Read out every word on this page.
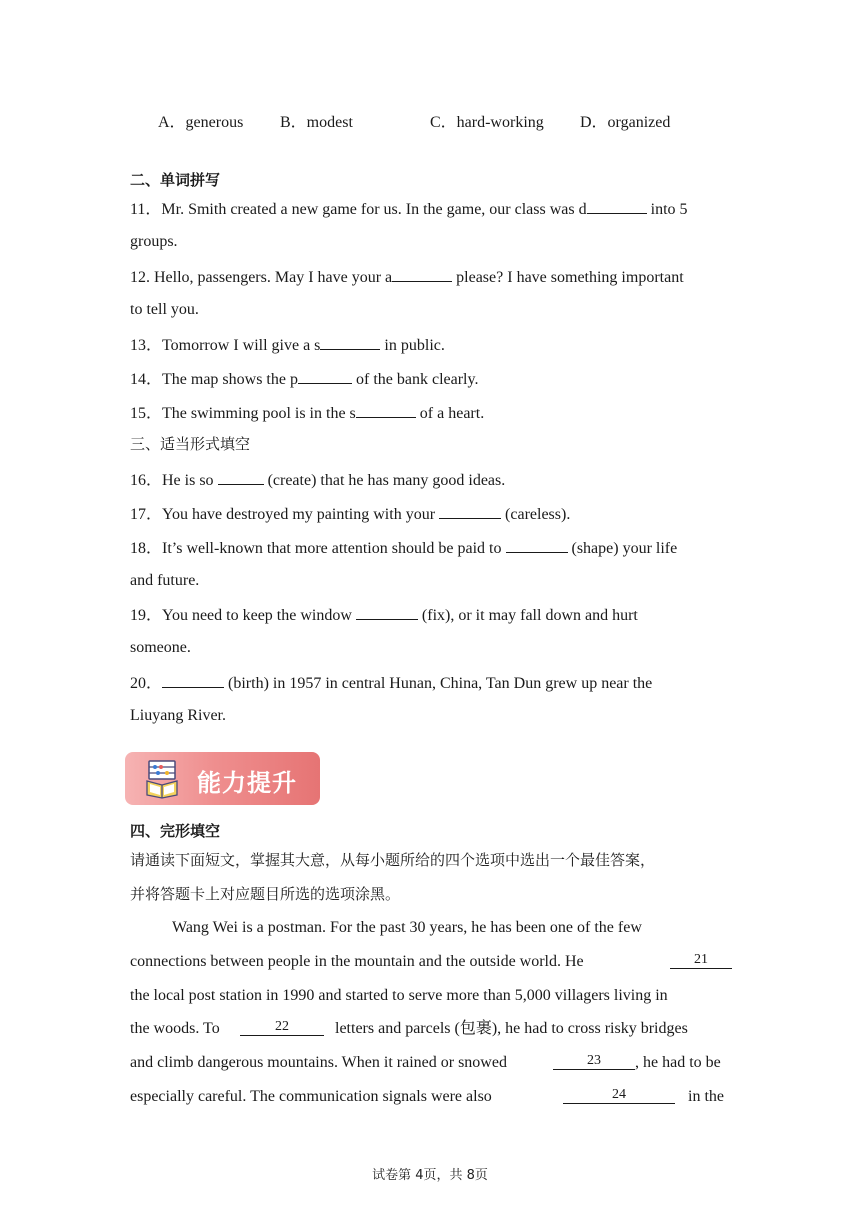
A．generous B．modest	C．hard-working D．organized
二、单词拼写
11．Mr. Smith created a new game for us. In the game, our class was d	into 5
groups.
12. Hello, passengers. May I have your a	please? I have something important
to tell you.
13．Tomorrow I will give a s	in public.
14．The map shows the p	of the bank clearly.
15．The swimming pool is in the s	of a heart.
三、适当形式填空
16．He is so	(create) that he has many good ideas.
17．You have destroyed my painting with your	(careless).
18．It’s well-known that more attention should be paid to	(shape) your life
and future.
19．You need to keep the window	(fix), or it may fall down and hurt
someone.
20．	(birth) in 1957 in central Hunan, China, Tan Dun grew up near the
Liuyang River.
能力提升
四、完形填空
请通读下面短文，掌握其大意，从每小题所给的四个选项中选出一个最佳答案，
并将答题卡上对应题目所选的选项涂黑。
Wang Wei is a postman. For the past 30 years, he has been one of the few
connections between people in the mountain and the outside world. He	21
the local post station in 1990 and started to serve more than 5,000 villagers living in
the woods. To	22	letters and parcels (包裹), he had to cross risky bridges
and climb dangerous mountains. When it rained or snowed	23	, he had to be
especially careful. The communication signals were also	24	in the
试卷第 4页，共 8页
